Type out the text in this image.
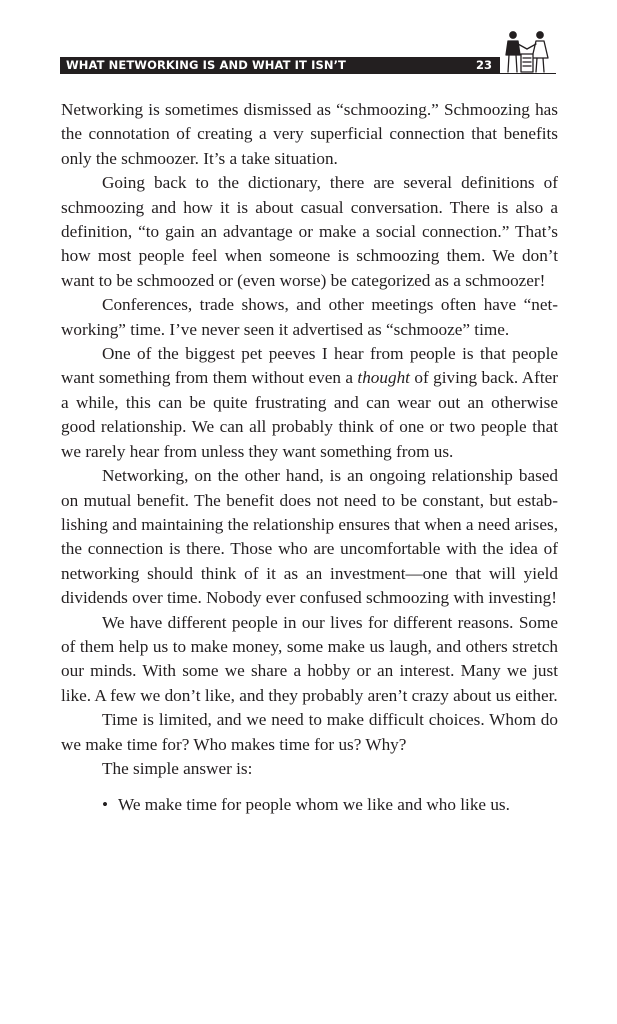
WHAT NETWORKING IS AND WHAT IT ISN’T	23

Networking is sometimes dismissed as “schmoozing.” Schmoozing has the connotation of creating a very superficial connection that benefits only the schmoozer. It’s a take situation.

Going back to the dictionary, there are several definitions of schmoozing and how it is about casual conversation. There is also a definition, “to gain an advantage or make a social connection.” That’s how most people feel when someone is schmoozing them. We don’t want to be schmoozed or (even worse) be categorized as a schmoozer!

Conferences, trade shows, and other meetings often have “networking” time. I’ve never seen it advertised as “schmooze” time.

One of the biggest pet peeves I hear from people is that people want something from them without even a thought of giving back. After a while, this can be quite frustrating and can wear out an otherwise good relationship. We can all probably think of one or two people that we rarely hear from unless they want something from us.

Networking, on the other hand, is an ongoing relationship based on mutual benefit. The benefit does not need to be constant, but establishing and maintaining the relationship ensures that when a need arises, the connection is there. Those who are uncomfortable with the idea of networking should think of it as an investment—one that will yield dividends over time. Nobody ever confused schmoozing with investing!

We have different people in our lives for different reasons. Some of them help us to make money, some make us laugh, and others stretch our minds. With some we share a hobby or an interest. Many we just like. A few we don’t like, and they probably aren’t crazy about us either.

Time is limited, and we need to make difficult choices. Whom do we make time for? Who makes time for us? Why?

The simple answer is:

• We make time for people whom we like and who like us.
